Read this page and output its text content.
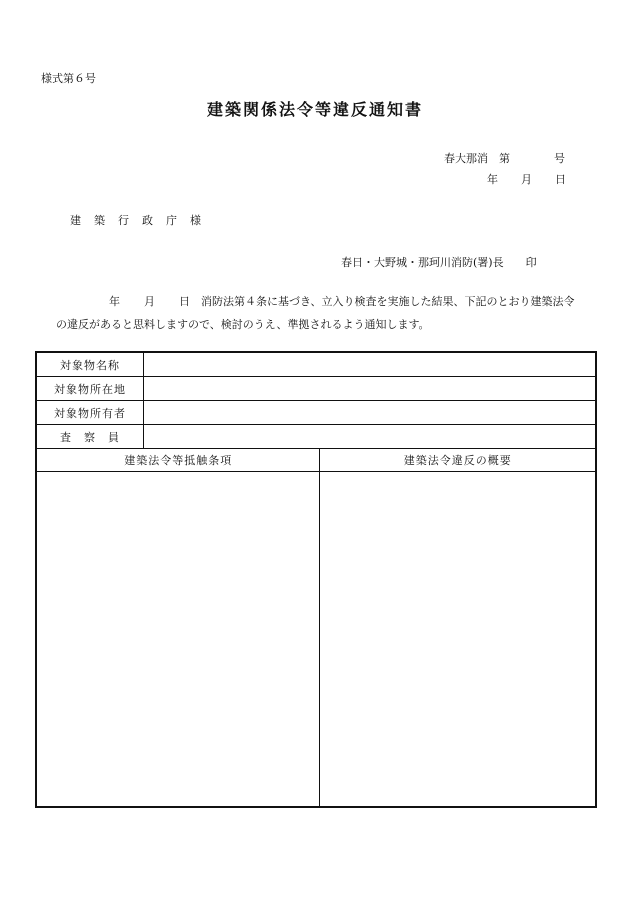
様式第６号
建築関係法令等違反通知書
春大那消 第	号
年 月 日
建 築 行 政 庁 様
春日・大野城・那珂川消防(署)長　　印
年 月 日 消防法第４条に基づき、立入り検査を実施した結果、下記のとおり建築法令
の違反があると思料しますので、検討のうえ、準拠されるよう通知します。
対象物名称		
対象物所在地		
対象物所有者		
査　察　員		
建築法令等抵触条項		建築法令違反の概要
